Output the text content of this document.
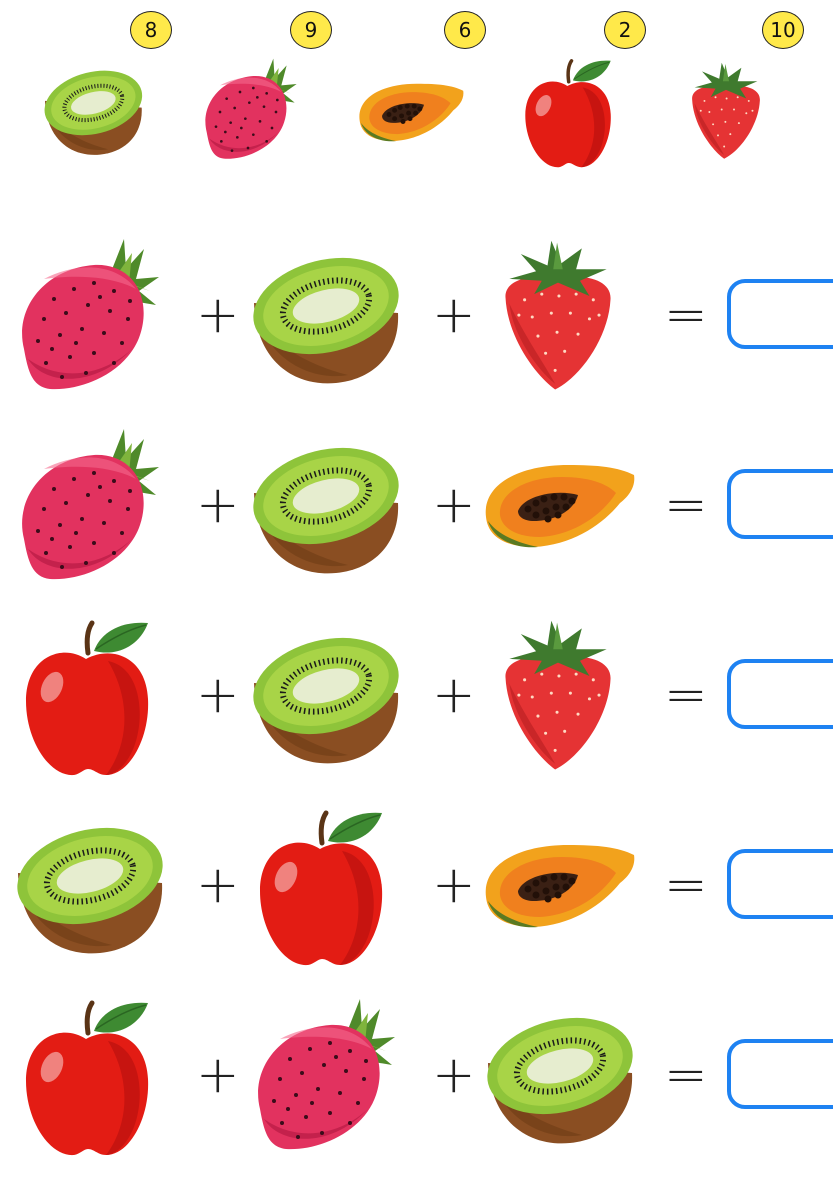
8	9	6	2	10
+	+	=
+	+	=
+	+	=
+	+	=
+	+	=
